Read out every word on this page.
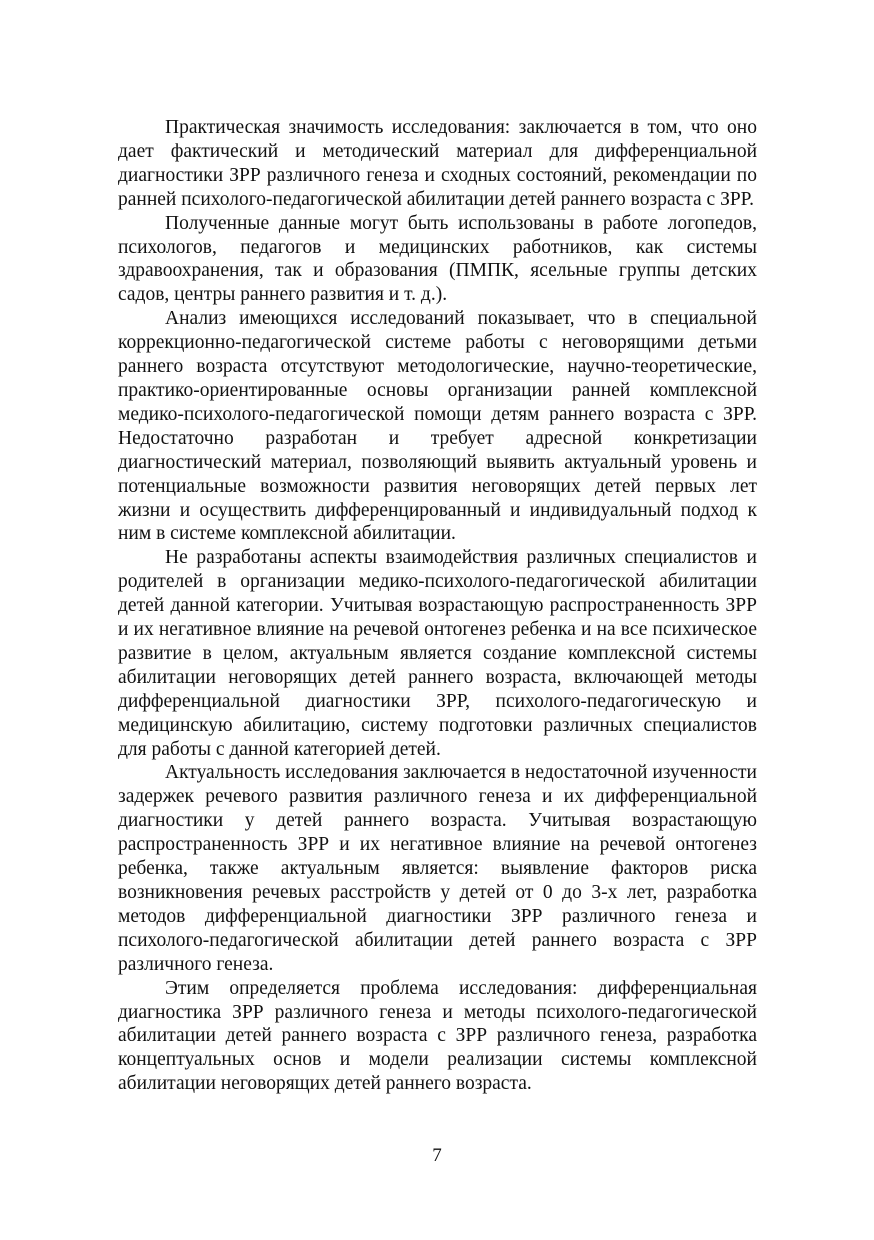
Практическая значимость исследования: заключается в том, что оно дает фактический и методический материал для дифференциальной диагностики ЗРР различного генеза и сходных состояний, рекомендации по ранней психолого-педагогической абилитации детей раннего возраста с ЗРР.

Полученные данные могут быть использованы в работе логопедов, психологов, педагогов и медицинских работников, как системы здравоохранения, так и образования (ПМПК, ясельные группы детских садов, центры раннего развития и т. д.).

Анализ имеющихся исследований показывает, что в специальной коррекционно-педагогической системе работы с неговорящими детьми раннего возраста отсутствуют методологические, научно-теоретические, практико-ориентированные основы организации ранней комплексной медико-психолого-педагогической помощи детям раннего возраста с ЗРР. Недостаточно разработан и требует адресной конкретизации диагностический материал, позволяющий выявить актуальный уровень и потенциальные возможности развития неговорящих детей первых лет жизни и осуществить дифференцированный и индивидуальный подход к ним в системе комплексной абилитации.

Не разработаны аспекты взаимодействия различных специалистов и родителей в организации медико-психолого-педагогической абилитации детей данной категории. Учитывая возрастающую распространенность ЗРР и их негативное влияние на речевой онтогенез ребенка и на все психическое развитие в целом, актуальным является создание комплексной системы абилитации неговорящих детей раннего возраста, включающей методы дифференциальной диагностики ЗРР, психолого-педагогическую и медицинскую абилитацию, систему подготовки различных специалистов для работы с данной категорией детей.

Актуальность исследования заключается в недостаточной изученности задержек речевого развития различного генеза и их дифференциальной диагностики у детей раннего возраста. Учитывая возрастающую распространенность ЗРР и их негативное влияние на речевой онтогенез ребенка, также актуальным является: выявление факторов риска возникновения речевых расстройств у детей от 0 до 3-х лет, разработка методов дифференциальной диагностики ЗРР различного генеза и психолого-педагогической абилитации детей раннего возраста с ЗРР различного генеза.

Этим определяется проблема исследования: дифференциальная диагностика ЗРР различного генеза и методы психолого-педагогической абилитации детей раннего возраста с ЗРР различного генеза, разработка концептуальных основ и модели реализации системы комплексной абилитации неговорящих детей раннего возраста.

7
